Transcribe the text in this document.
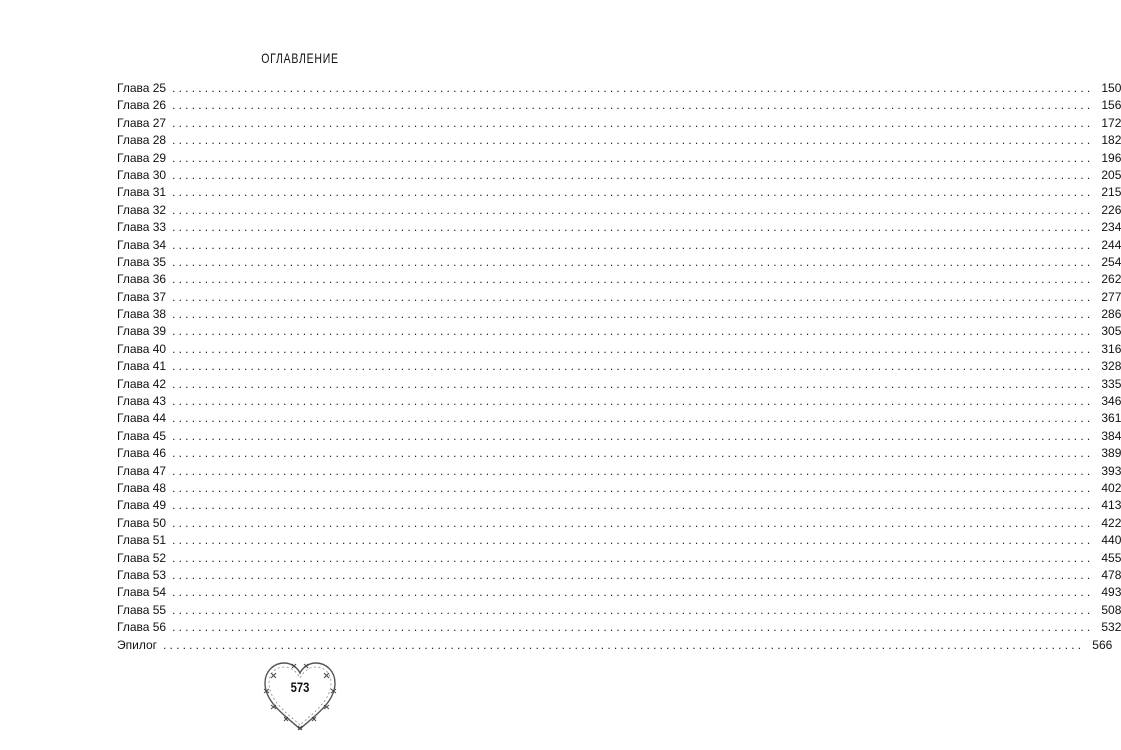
ОГЛАВЛЕНИЕ
Глава 25 ............................................................................................................................................. 150
Глава 26 ............................................................................................................................................. 156
Глава 27 ............................................................................................................................................. 172
Глава 28 ............................................................................................................................................. 182
Глава 29 ............................................................................................................................................. 196
Глава 30 ............................................................................................................................................. 205
Глава 31 ............................................................................................................................................. 215
Глава 32 ............................................................................................................................................. 226
Глава 33 ............................................................................................................................................. 234
Глава 34 ............................................................................................................................................. 244
Глава 35 ............................................................................................................................................. 254
Глава 36 ............................................................................................................................................. 262
Глава 37 ............................................................................................................................................. 277
Глава 38 ............................................................................................................................................. 286
Глава 39 ............................................................................................................................................. 305
Глава 40 ............................................................................................................................................. 316
Глава 41 ............................................................................................................................................. 328
Глава 42 ............................................................................................................................................. 335
Глава 43 ............................................................................................................................................. 346
Глава 44 ............................................................................................................................................. 361
Глава 45 ............................................................................................................................................. 384
Глава 46 ............................................................................................................................................. 389
Глава 47 ............................................................................................................................................. 393
Глава 48 ............................................................................................................................................. 402
Глава 49 ............................................................................................................................................. 413
Глава 50 ............................................................................................................................................. 422
Глава 51 ............................................................................................................................................. 440
Глава 52 ............................................................................................................................................. 455
Глава 53 ............................................................................................................................................. 478
Глава 54 ............................................................................................................................................. 493
Глава 55 ............................................................................................................................................. 508
Глава 56 ............................................................................................................................................. 532
Эпилог ............................................................................................................................................. 566
573
